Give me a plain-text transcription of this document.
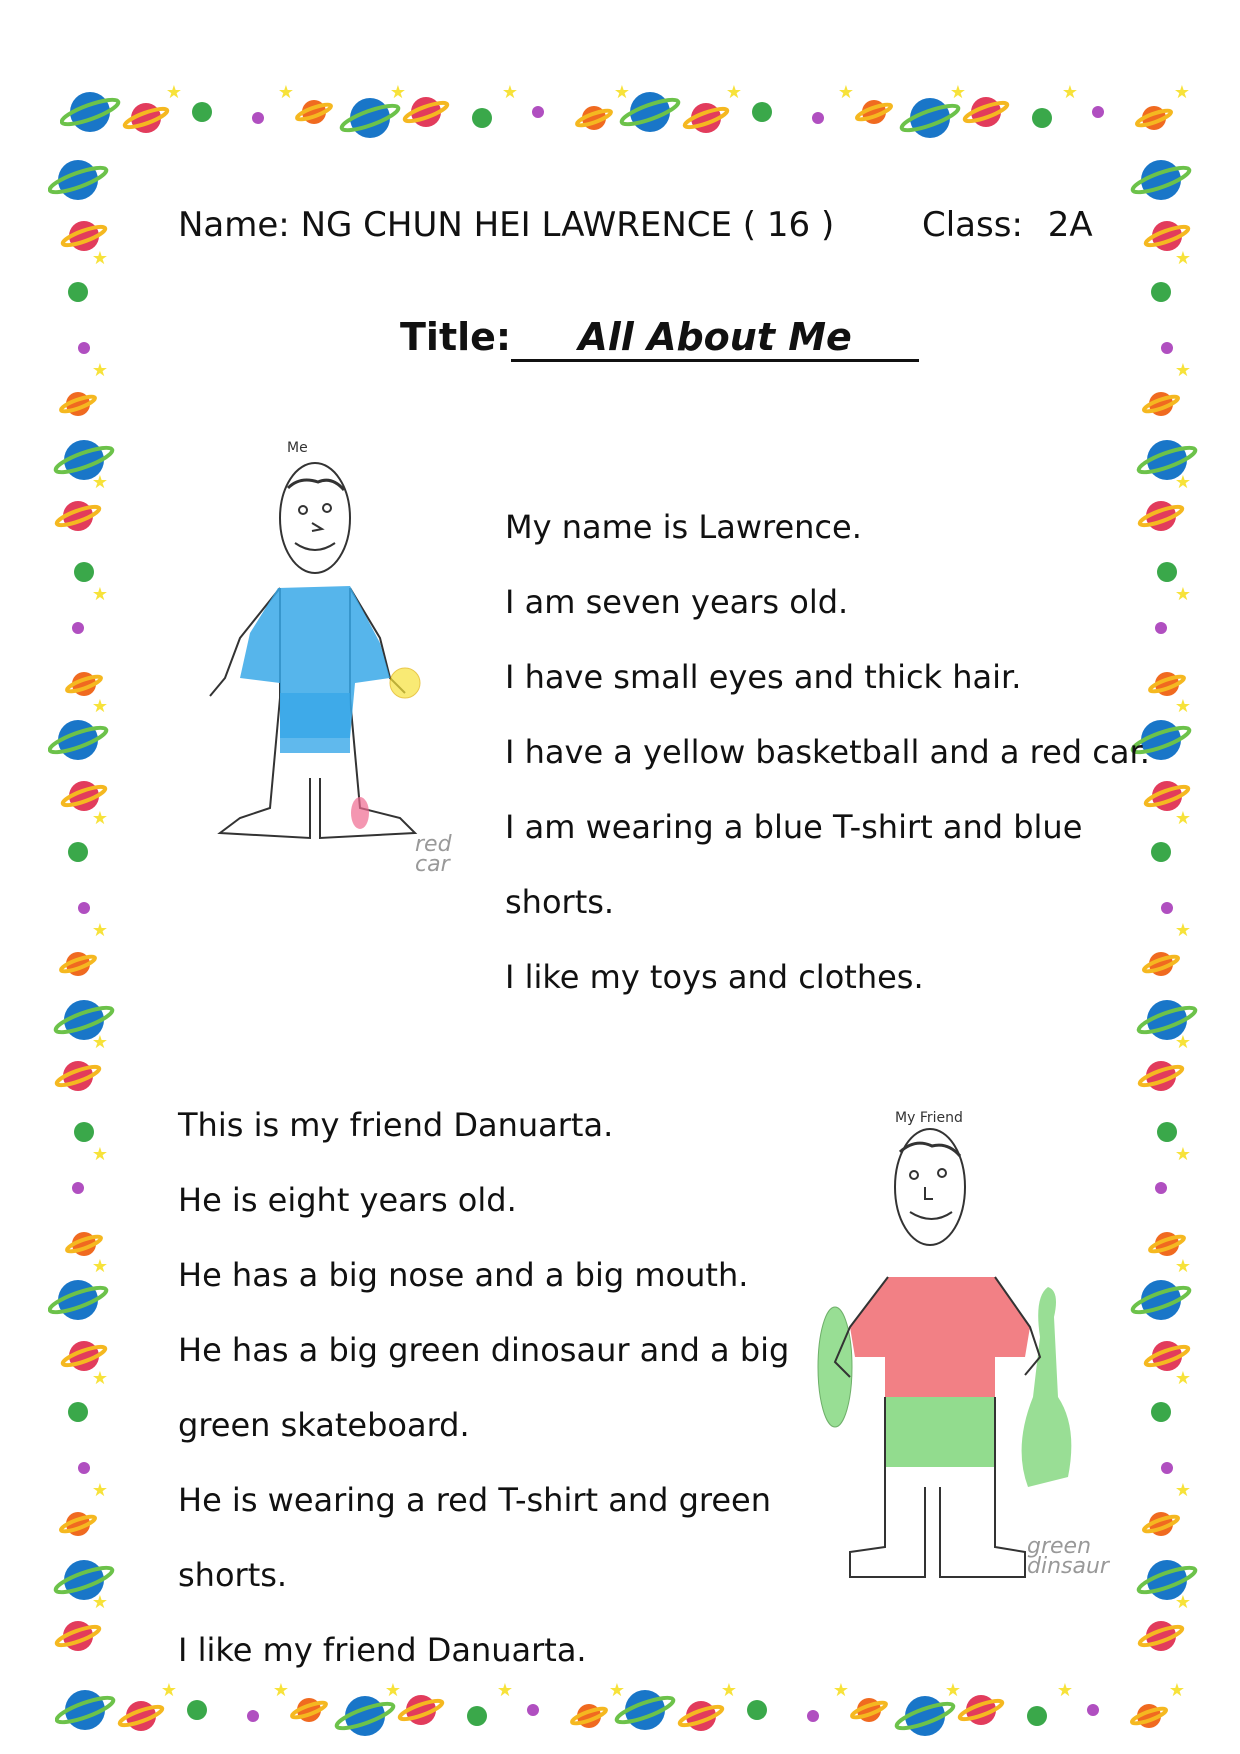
★	★	★	★	★	★	★	★	★	★
★	★	★	★	★	★	★	★	★	★
★
★
★
★
★
★
★
★
★
★
★
★
★
★
★
★
★
★
★
★
★
★
★
★
★
★
Name: NG CHUN HEI LAWRENCE ( 16 )	Class: 2A
Title: All About Me
Me
red
car

My name is Lawrence.

I am seven years old.

I have small eyes and thick hair.

I have a yellow basketball and a red car.

I am wearing a blue T-shirt and blue

shorts.

I like my toys and clothes.

This is my friend Danuarta.

He is eight years old.

He has a big nose and a big mouth.

He has a big green dinosaur and a big

green skateboard.

He is wearing a red T-shirt and green

shorts.

I like my friend Danuarta.

My Friend
green
dinsaur
